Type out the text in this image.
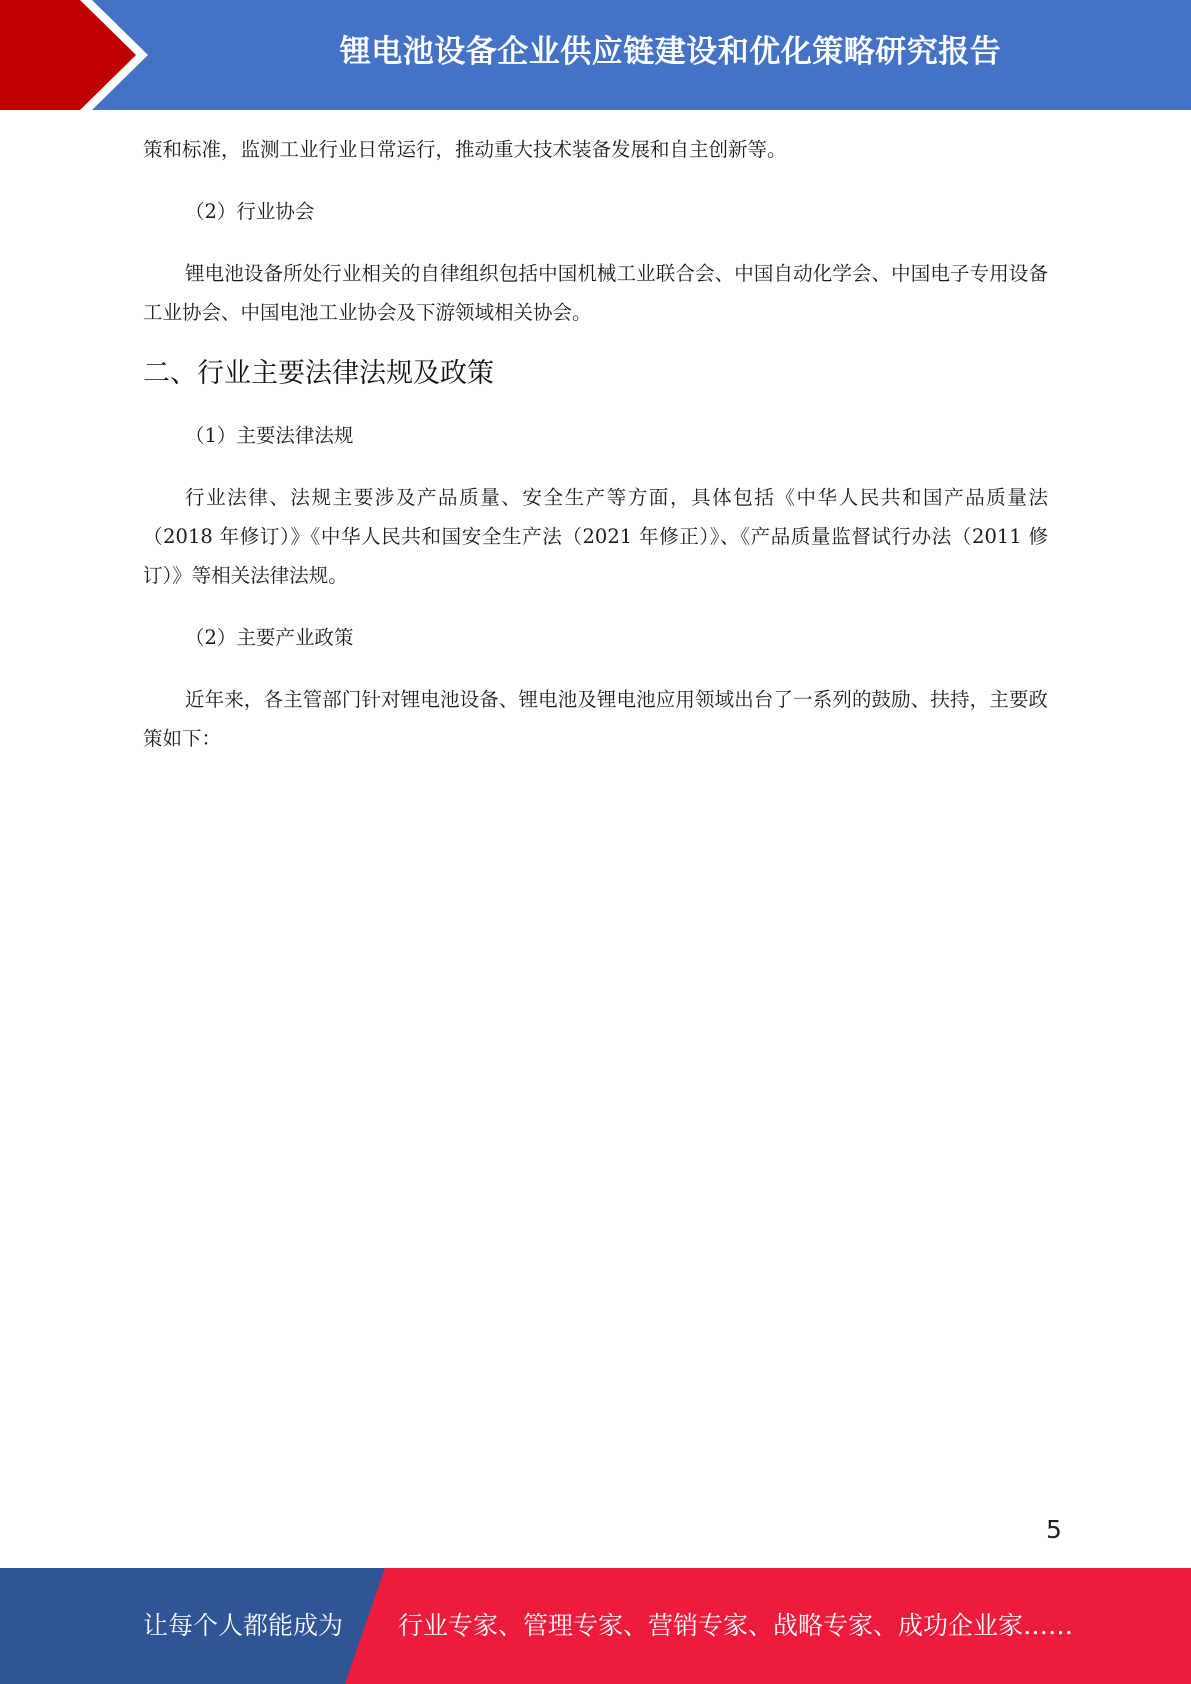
锂电池设备企业供应链建设和优化策略研究报告

策和标准，监测工业行业日常运行，推动重大技术装备发展和自主创新等。

（2）行业协会

锂电池设备所处行业相关的自律组织包括中国机械工业联合会、中国自动化学会、中国电子专用设备工业协会、中国电池工业协会及下游领域相关协会。

二、行业主要法律法规及政策

（1）主要法律法规

行业法律、法规主要涉及产品质量、安全生产等方面，具体包括《中华人民共和国产品质量法（2018 年修订）》《中华人民共和国安全生产法（2021 年修正）》、《产品质量监督试行办法（2011 修订）》等相关法律法规。

（2）主要产业政策

近年来，各主管部门针对锂电池设备、锂电池及锂电池应用领域出台了一系列的鼓励、扶持，主要政策如下：

5
让每个人都能成为 行业专家、管理专家、营销专家、战略专家、成功企业家……
